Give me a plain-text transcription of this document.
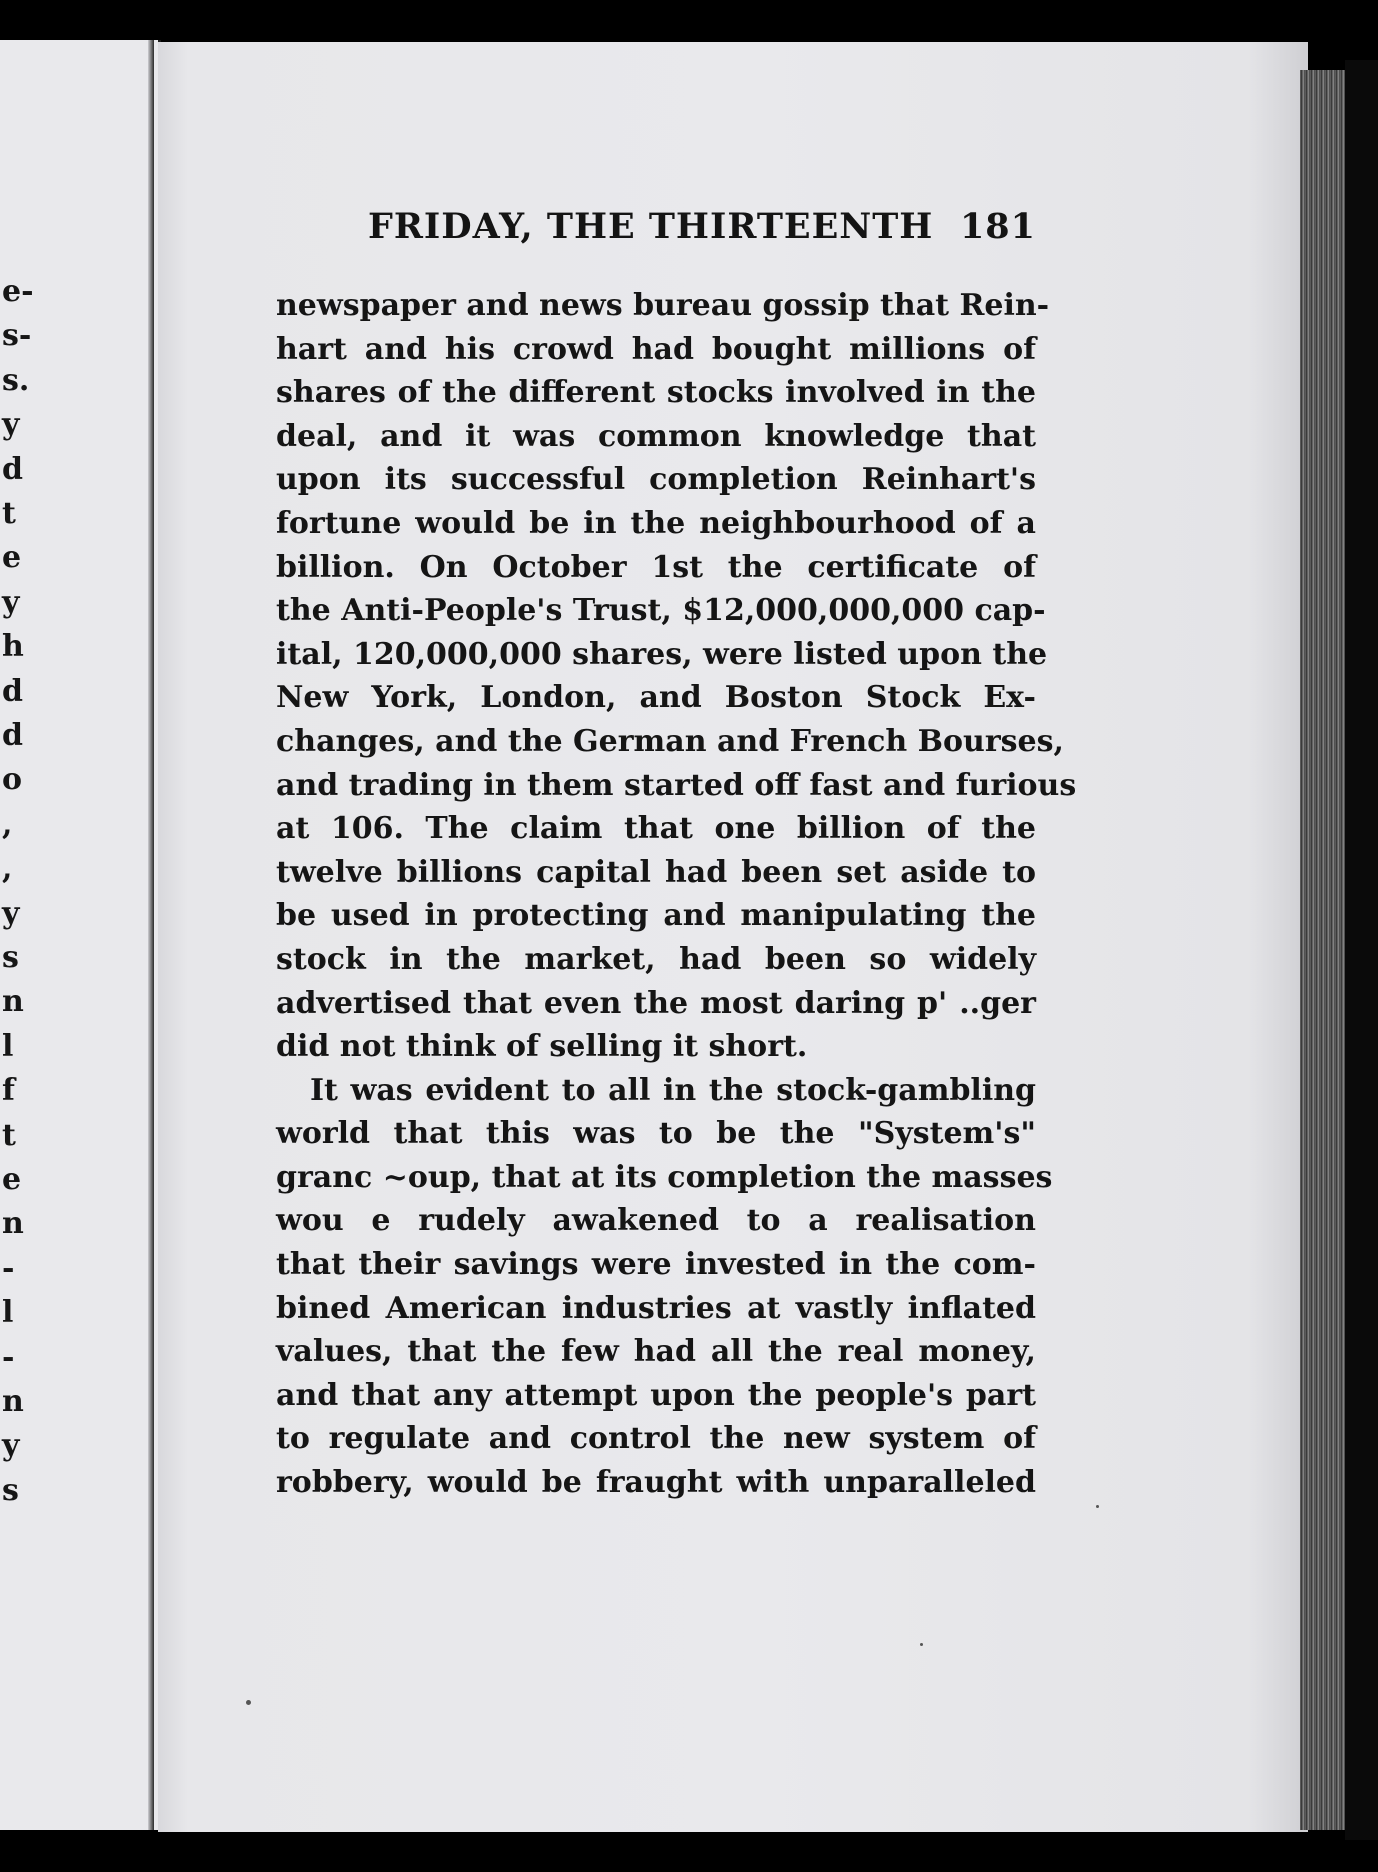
e-
s-
s.
y
d
t
e
y
h
d
d
o
,
,
y
s
n
l
f
t
e
n
-
l
-
n
y
s
FRIDAY, THE THIRTEENTH 181
newspaper and news bureau gossip that Rein-
hart and his crowd had bought millions of
shares of the different stocks involved in the
deal, and it was common knowledge that
upon its successful completion Reinhart's
fortune would be in the neighbourhood of a
billion. On October 1st the certificate of
the Anti-People's Trust, $12,000,000,000 cap-
ital, 120,000,000 shares, were listed upon the
New York, London, and Boston Stock Ex-
changes, and the German and French Bourses,
and trading in them started off fast and furious
at 106. The claim that one billion of the
twelve billions capital had been set aside to
be used in protecting and manipulating the
stock in the market, had been so widely
advertised that even the most daring p' ..ger
did not think of selling it short.
It was evident to all in the stock-gambling
world that this was to be the "System's"
granc ~oup, that at its completion the masses
wou e rudely awakened to a realisation
that their savings were invested in the com-
bined American industries at vastly inflated
values, that the few had all the real money,
and that any attempt upon the people's part
to regulate and control the new system of
robbery, would be fraught with unparalleled
